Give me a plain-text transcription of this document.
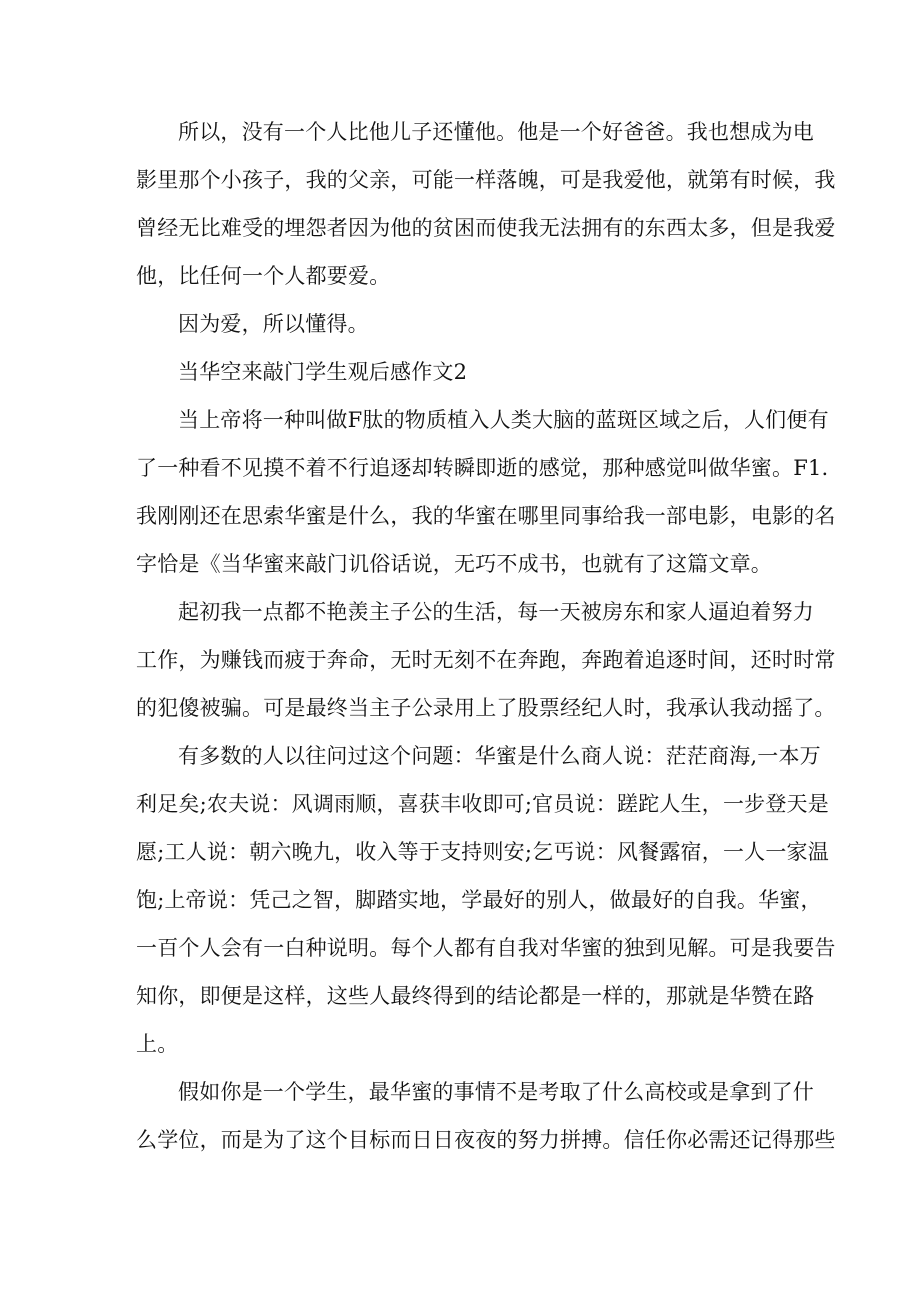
所以，没有一个人比他儿子还懂他。他是一个好爸爸。我也想成为电
影里那个小孩子，我的父亲，可能一样落魄，可是我爱他，就第有时候，我
曾经无比难受的埋怨者因为他的贫困而使我无法拥有的东西太多，但是我爱
他，比任何一个人都要爱。
因为爱，所以懂得。
当华空来敲门学生观后感作文2
当上帝将一种叫做F肽的物质植入人类大脑的蓝斑区域之后，人们便有
了一种看不见摸不着不行追逐却转瞬即逝的感觉，那种感觉叫做华蜜。F1.
我刚刚还在思索华蜜是什么，我的华蜜在哪里同事给我一部电影，电影的名
字恰是《当华蜜来敲门讥俗话说，无巧不成书，也就有了这篇文章。
起初我一点都不艳羡主子公的生活，每一天被房东和家人逼迫着努力
工作，为赚钱而疲于奔命，无时无刻不在奔跑，奔跑着追逐时间，还时时常
的犯傻被骗。可是最终当主子公录用上了股票经纪人时，我承认我动摇了。
有多数的人以往问过这个问题：华蜜是什么商人说：茫茫商海,一本万
利足矣;农夫说：风调雨顺，喜获丰收即可;官员说：蹉跎人生，一步登天是
愿;工人说：朝六晚九，收入等于支持则安;乞丐说：风餐露宿，一人一家温
饱;上帝说：凭己之智，脚踏实地，学最好的别人，做最好的自我。华蜜，
一百个人会有一白种说明。每个人都有自我对华蜜的独到见解。可是我要告
知你，即便是这样，这些人最终得到的结论都是一样的，那就是华赞在路
上。
假如你是一个学生，最华蜜的事情不是考取了什么高校或是拿到了什
么学位，而是为了这个目标而日日夜夜的努力拼搏。信任你必需还记得那些
